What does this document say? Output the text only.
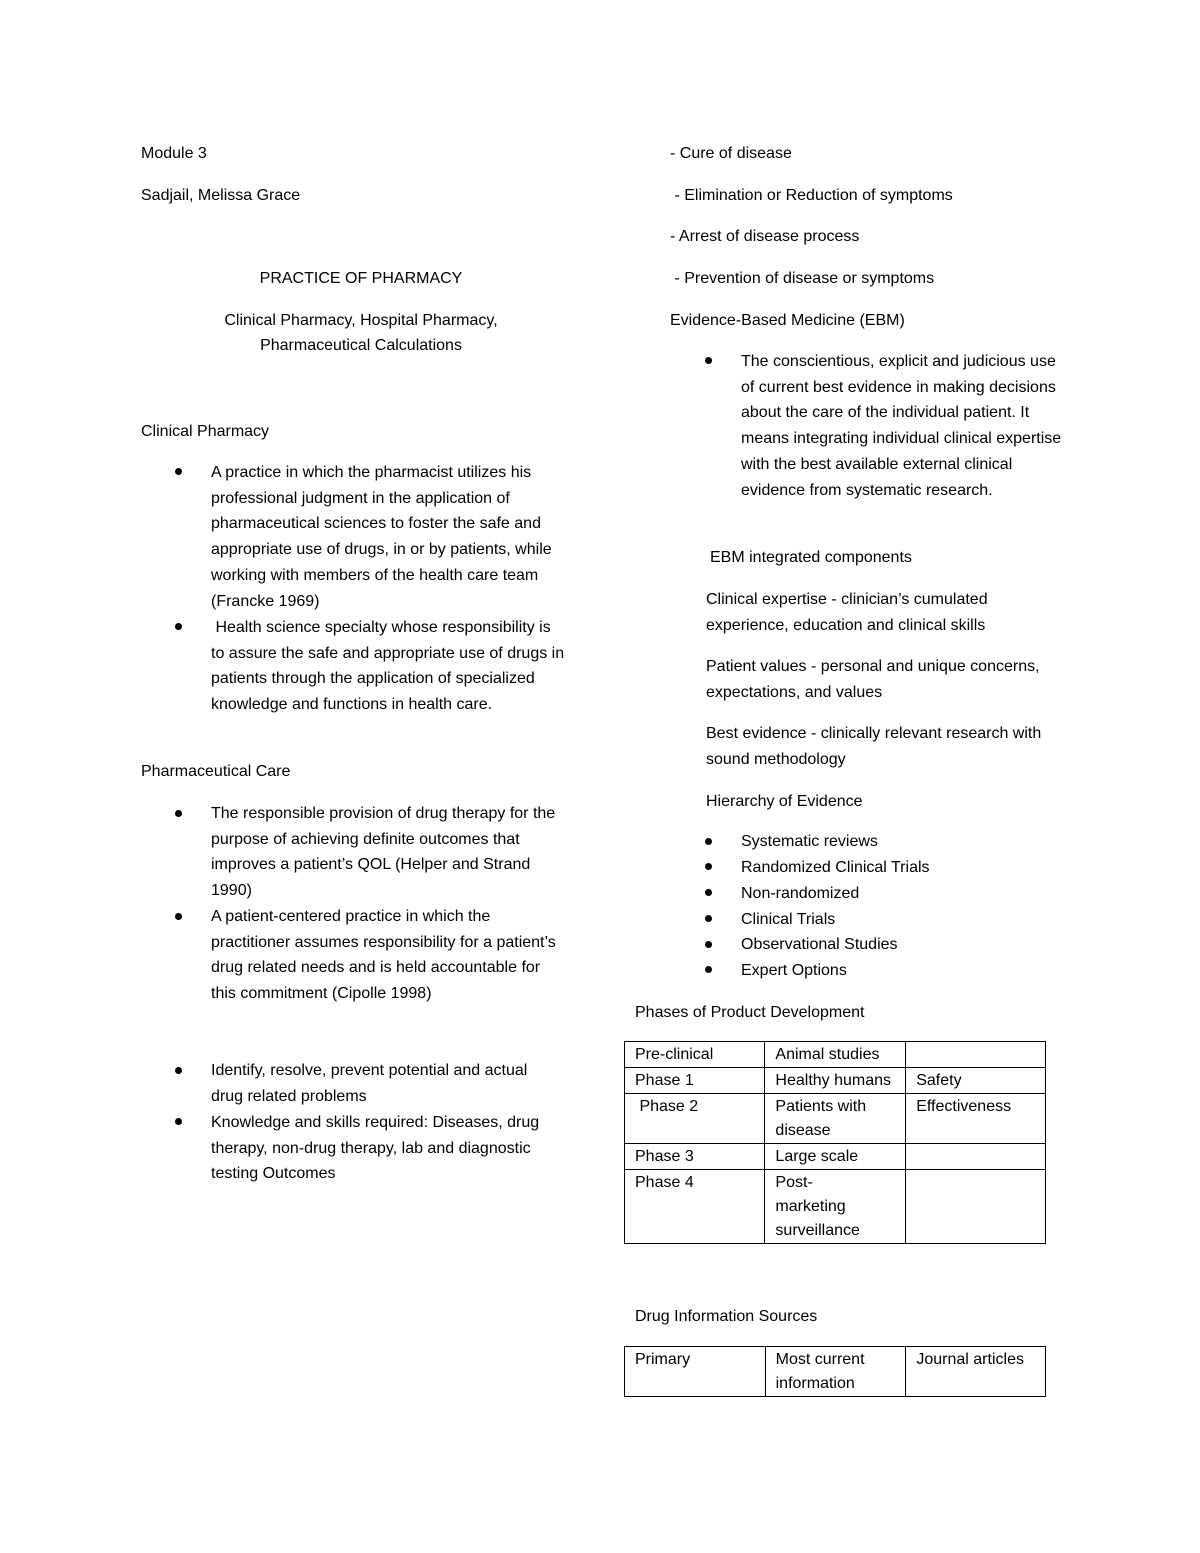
Module 3
Sadjail, Melissa Grace
PRACTICE OF PHARMACY
Clinical Pharmacy, Hospital Pharmacy,
Pharmaceutical Calculations
Clinical Pharmacy
A practice in which the pharmacist utilizes his professional judgment in the application of pharmaceutical sciences to foster the safe and appropriate use of drugs, in or by patients, while working with members of the health care team (Francke 1969)
Health science specialty whose responsibility is to assure the safe and appropriate use of drugs in patients through the application of specialized knowledge and functions in health care.
Pharmaceutical Care
The responsible provision of drug therapy for the purpose of achieving definite outcomes that improves a patient’s QOL (Helper and Strand 1990)
A patient-centered practice in which the practitioner assumes responsibility for a patient’s drug related needs and is held accountable for this commitment (Cipolle 1998)
Identify, resolve, prevent potential and actual drug related problems
Knowledge and skills required: Diseases, drug therapy, non-drug therapy, lab and diagnostic testing Outcomes
- Cure of disease
- Elimination or Reduction of symptoms
- Arrest of disease process
- Prevention of disease or symptoms
Evidence-Based Medicine (EBM)
The conscientious, explicit and judicious use of current best evidence in making decisions about the care of the individual patient. It means integrating individual clinical expertise with the best available external clinical evidence from systematic research.
EBM integrated components
Clinical expertise - clinician’s cumulated experience, education and clinical skills
Patient values - personal and unique concerns, expectations, and values
Best evidence - clinically relevant research with sound methodology
Hierarchy of Evidence
Systematic reviews
Randomized Clinical Trials
Non-randomized
Clinical Trials
Observational Studies
Expert Options
Phases of Product Development
Pre-clinical	Animal studies	
Phase 1	Healthy humans	Safety
Phase 2	Patients with disease	Effectiveness
Phase 3	Large scale	
Phase 4	Post-marketing surveillance	

Drug Information Sources
Primary	Most current information	Journal articles
